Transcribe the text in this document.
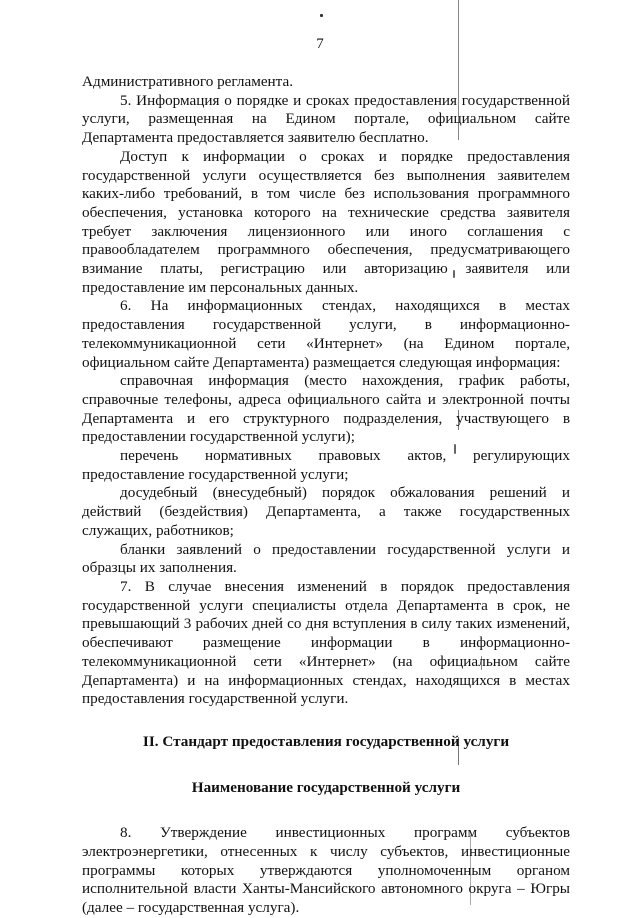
7

Административного регламента.

5. Информация о порядке и сроках предоставления государственной услуги, размещенная на Едином портале, официальном сайте Департамента предоставляется заявителю бесплатно.

Доступ к информации о сроках и порядке предоставления государственной услуги осуществляется без выполнения заявителем каких-либо требований, в том числе без использования программного обеспечения, установка которого на технические средства заявителя требует заключения лицензионного или иного соглашения с правообладателем программного обеспечения, предусматривающего взимание платы, регистрацию или авторизацию заявителя или предоставление им персональных данных.

6. На информационных стендах, находящихся в местах предоставления государственной услуги, в информационно-телекоммуникационной сети «Интернет» (на Едином портале, официальном сайте Департамента) размещается следующая информация:

справочная информация (место нахождения, график работы, справочные телефоны, адреса официального сайта и электронной почты Департамента и его структурного подразделения, участвующего в предоставлении государственной услуги);

перечень нормативных правовых актов, регулирующих предоставление государственной услуги;

досудебный (внесудебный) порядок обжалования решений и действий (бездействия) Департамента, а также государственных служащих, работников;

бланки заявлений о предоставлении государственной услуги и образцы их заполнения.

7. В случае внесения изменений в порядок предоставления государственной услуги специалисты отдела Департамента в срок, не превышающий 3 рабочих дней со дня вступления в силу таких изменений, обеспечивают размещение информации в информационно-телекоммуникационной сети «Интернет» (на официальном сайте Департамента) и на информационных стендах, находящихся в местах предоставления государственной услуги.

II. Стандарт предоставления государственной услуги

Наименование государственной услуги

8. Утверждение инвестиционных программ субъектов электроэнергетики, отнесенных к числу субъектов, инвестиционные программы которых утверждаются уполномоченным органом исполнительной власти Ханты-Мансийского автономного округа – Югры (далее – государственная услуга).
